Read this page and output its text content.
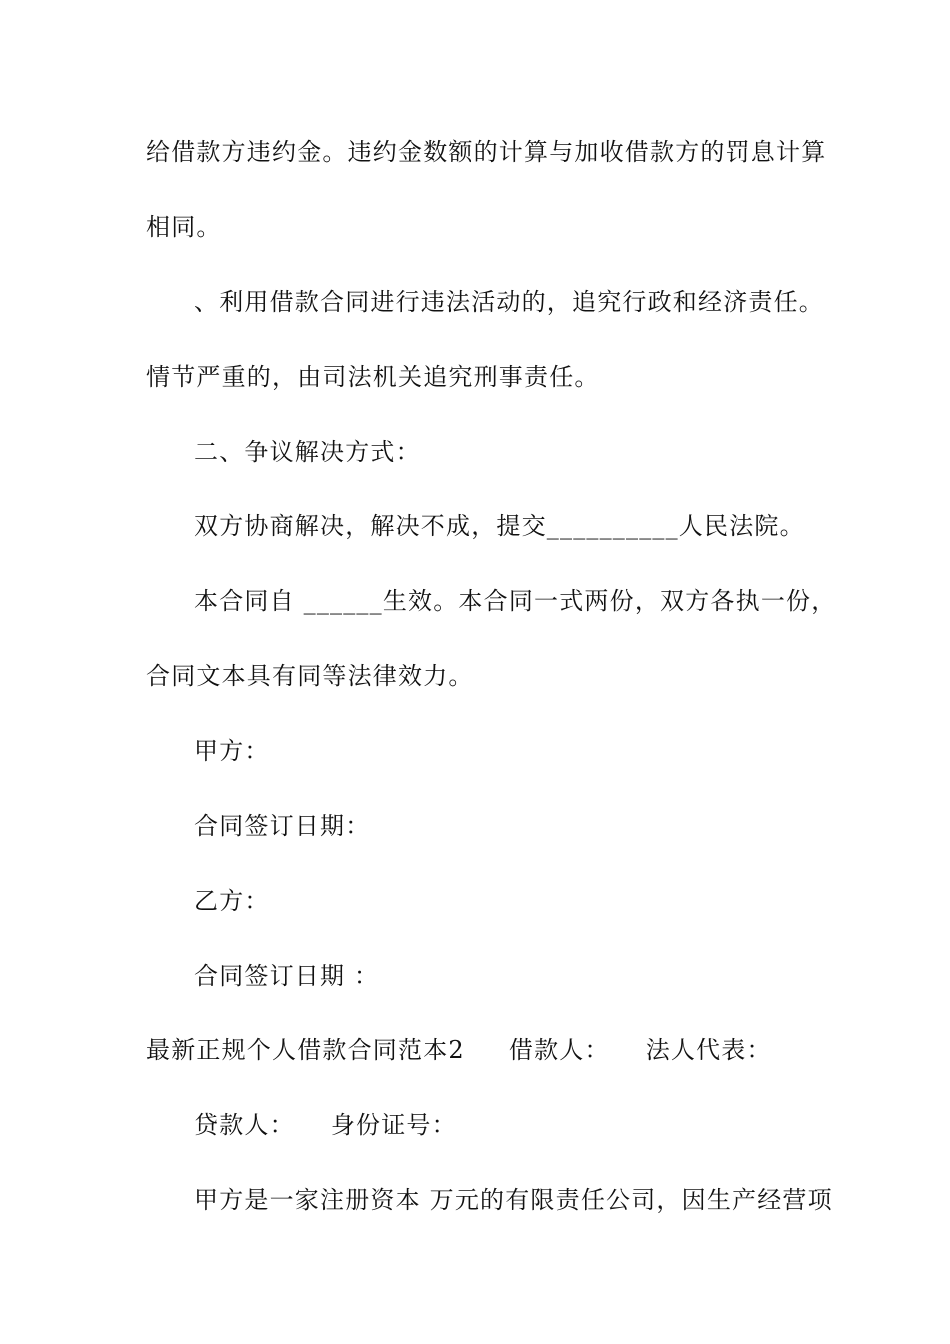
给借款方违约金。违约金数额的计算与加收借款方的罚息计算
相同。
、利用借款合同进行违法活动的，追究行政和经济责任。
情节严重的，由司法机关追究刑事责任。
二、争议解决方式：
双方协商解决，解决不成，提交__________人民法院。
本合同自 ______生效。本合同一式两份，双方各执一份，
合同文本具有同等法律效力。
甲方：
合同签订日期：
乙方：
合同签订日期 ：
最新正规个人借款合同范本2 借款人： 法人代表：
贷款人： 身份证号：
甲方是一家注册资本 万元的有限责任公司，因生产经营项
